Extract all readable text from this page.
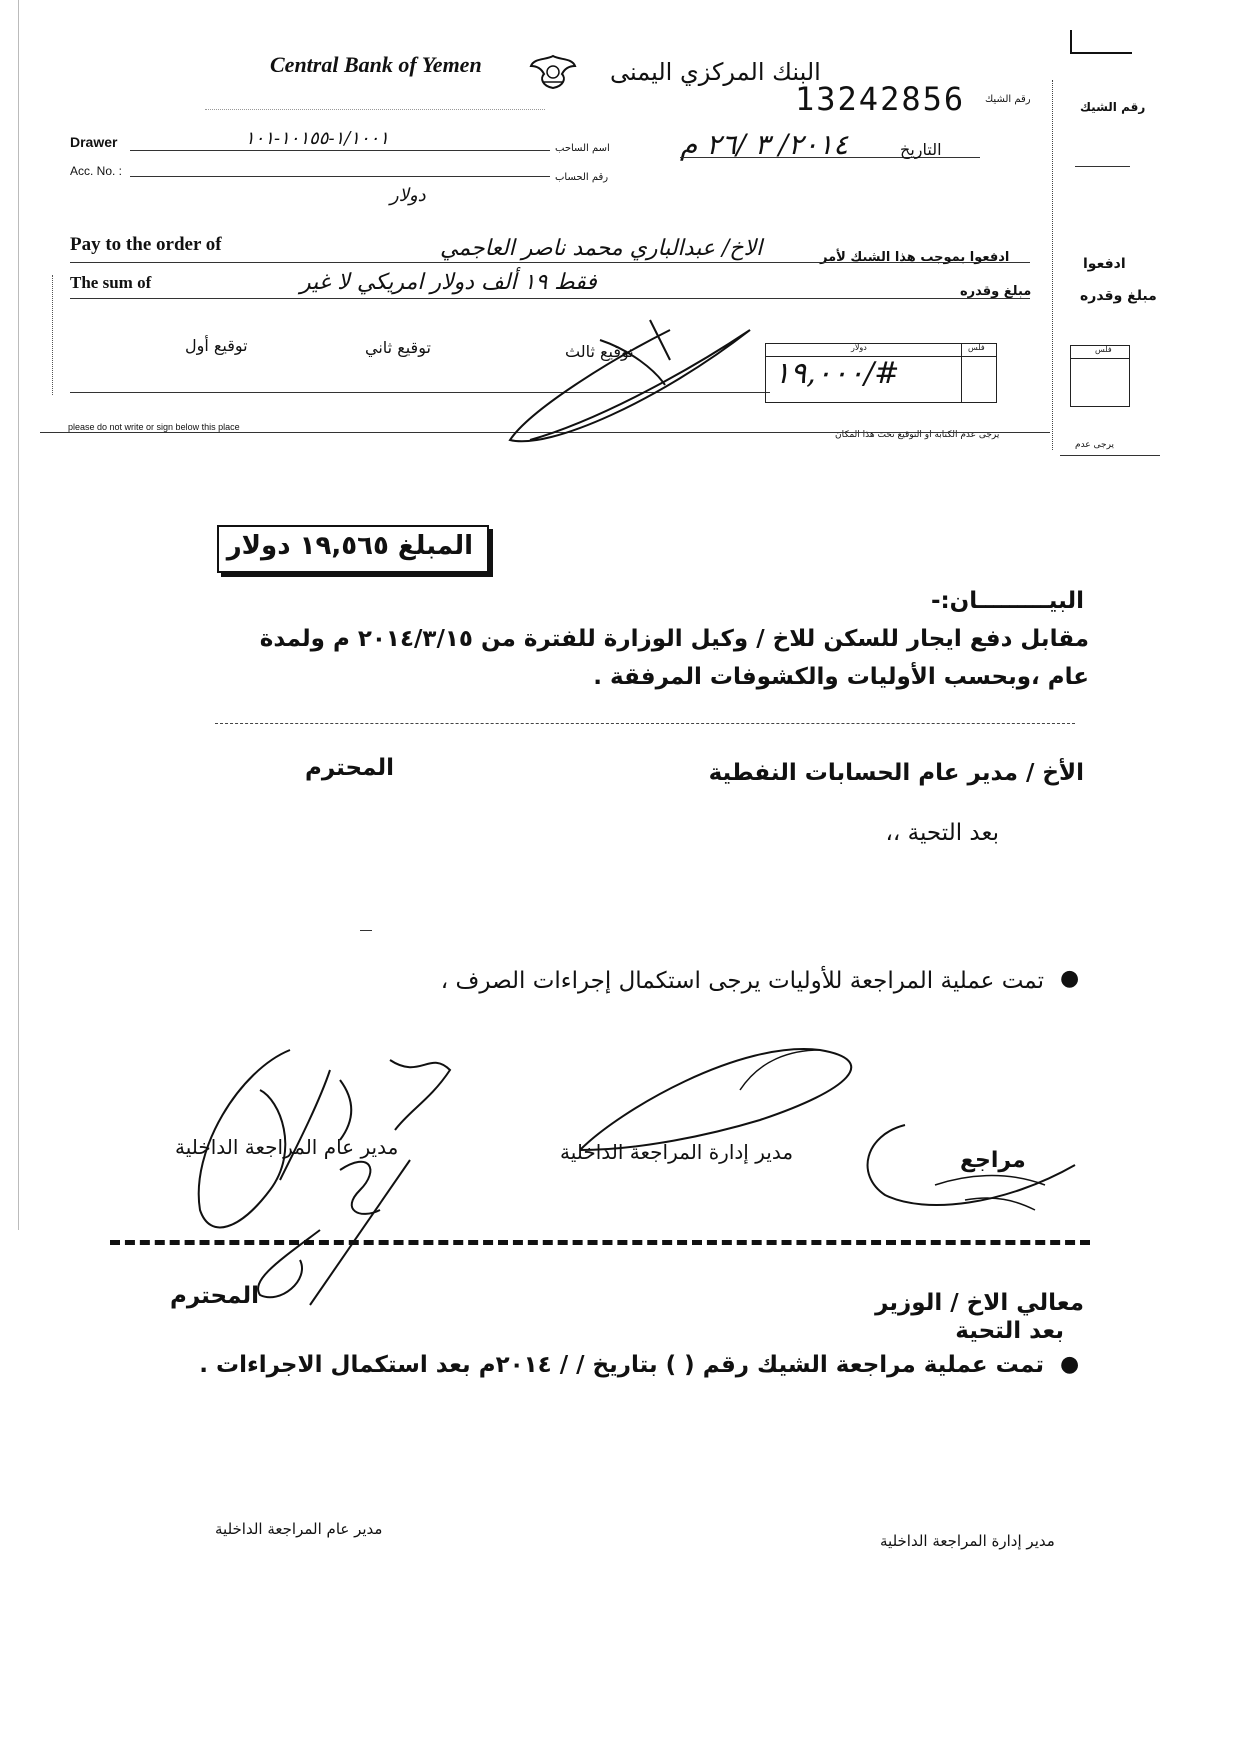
Central Bank of Yemen	البنك المركزي اليمنى
رقم الشيك
13242856	رقم الشيك
Drawer	١/١٠٠١-١٠١٥٥-١٠١	اسم الساحب	٢٠١٤/ ٣ /٢٦ م	التاريخ
Acc. No. :	رقم الحساب
دولار
Pay to the order of	الاخ/ عبدالباري محمد ناصر العاجمي	ادفعوا بموجب هذا الشيك لأمر	ادفعوا
The sum of	فقط ١٩ ألف دولار امريكي لا غير	مبلغ وقدره	مبلغ وقدره
توقيع أول	توقيع ثاني	توقيع ثالث	دولار	فلس
١٩,٠٠٠/#
فلس
please do not write or sign below this place
يرجى عدم الكتابة او التوقيع تحت هذا المكان
يرجى عدم
المبلغ ١٩,٥٦٥ دولار
البيـــــــــان:-
مقابل دفع ايجار للسكن للاخ / وكيل الوزارة للفترة من ٢٠١٤/٣/١٥ م ولمدة عام ،وبحسب الأوليات والكشوفات المرفقة .
الأخ / مدير عام الحسابات النفطية
المحترم
بعد التحية ،،
تمت عملية المراجعة للأولیات يرجى استكمال إجراءات الصرف ، ●
مدير عام المراجعة الداخلية	مدير إدارة المراجعة الداخلية	مراجع
معالي الاخ / الوزير
المحترم
بعد التحية
تمت عملية مراجعة الشيك رقم ( ) بتاريخ / / ٢٠١٤م بعد استكمال الاجراءات . ●
مدير عام المراجعة الداخلية
مدير إدارة المراجعة الداخلية
